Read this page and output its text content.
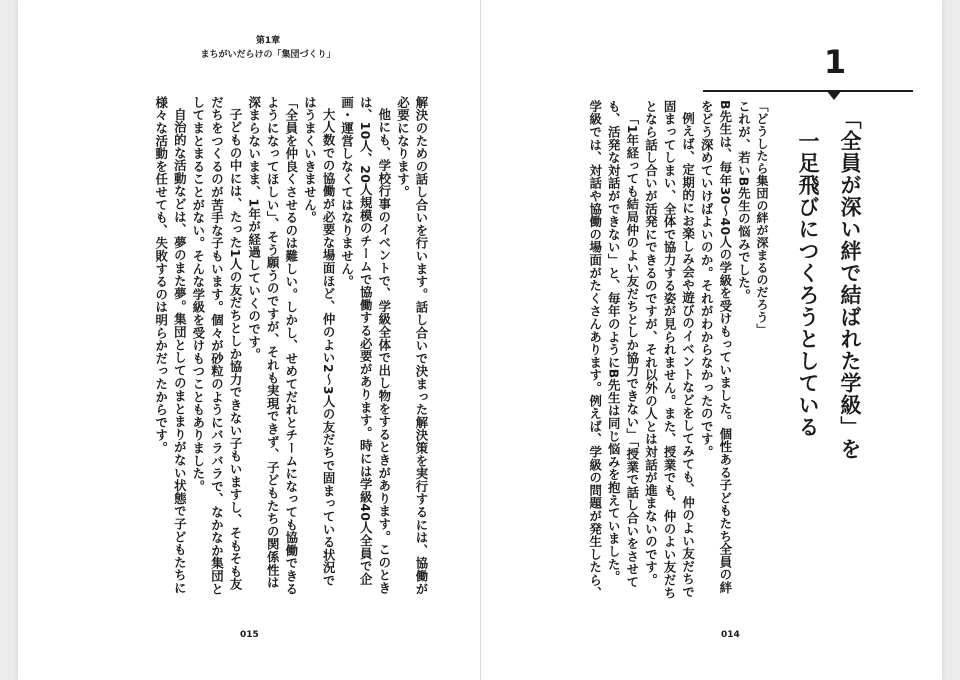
第1章
まちがいだらけの「集団づくり」

解決のための話し合いを行います。話し合いで決まった解決策を実行するには、協働が必要になります。

他にも、学校行事のイベントで、学級全体で出し物をするときがあります。このときは、10人、20人規模のチームで協働する必要があります。時には学級40人全員で企画・運営しなくてはなりません。

大人数での協働が必要な場面ほど、仲のよい2～3人の友だちで固まっている状況ではうまくいきません。

「全員を仲良くさせるのは難しい。しかし、せめてだれとチームになっても協働できるようになってほしい」、そう願うのですが、それも実現できず、子どもたちの関係性は深まらないまま、1年が経過していくのです。

子どもの中には、たった1人の友だちとしか協力できない子もいますし、そもそも友だちをつくるのが苦手な子もいます。個々が砂粒のようにバラバラで、なかなか集団としてまとまることがない。そんな学級を受けもつこともありました。

自治的な活動などは、夢のまた夢。集団としてのまとまりがない状態で子どもたちに様々な活動を任せても、失敗するのは明らかだったからです。

015
1
「全員が深い絆で結ばれた学級」を
一足飛びにつくろうとしている

「どうしたら集団の絆が深まるのだろう」

これが、若いB先生の悩みでした。

B先生は、毎年30～40人の学級を受けもっていました。個性ある子どもたち全員の絆をどう深めていけばよいのか。それがわからなかったのです。

例えば、定期的にお楽しみ会や遊びのイベントなどをしてみても、仲のよい友だちで固まってしまい、全体で協力する姿が見られません。また、授業でも、仲のよい友だちとなら話し合いが活発にできるのですが、それ以外の人とは対話が進まないのです。

「1年経っても結局仲のよい友だちとしか協力できない」「授業で話し合いをさせても、活発な対話ができない」と、毎年のようにB先生は同じ悩みを抱えていました。

学級では、対話や協働の場面がたくさんあります。例えば、学級の問題が発生したら、

014
